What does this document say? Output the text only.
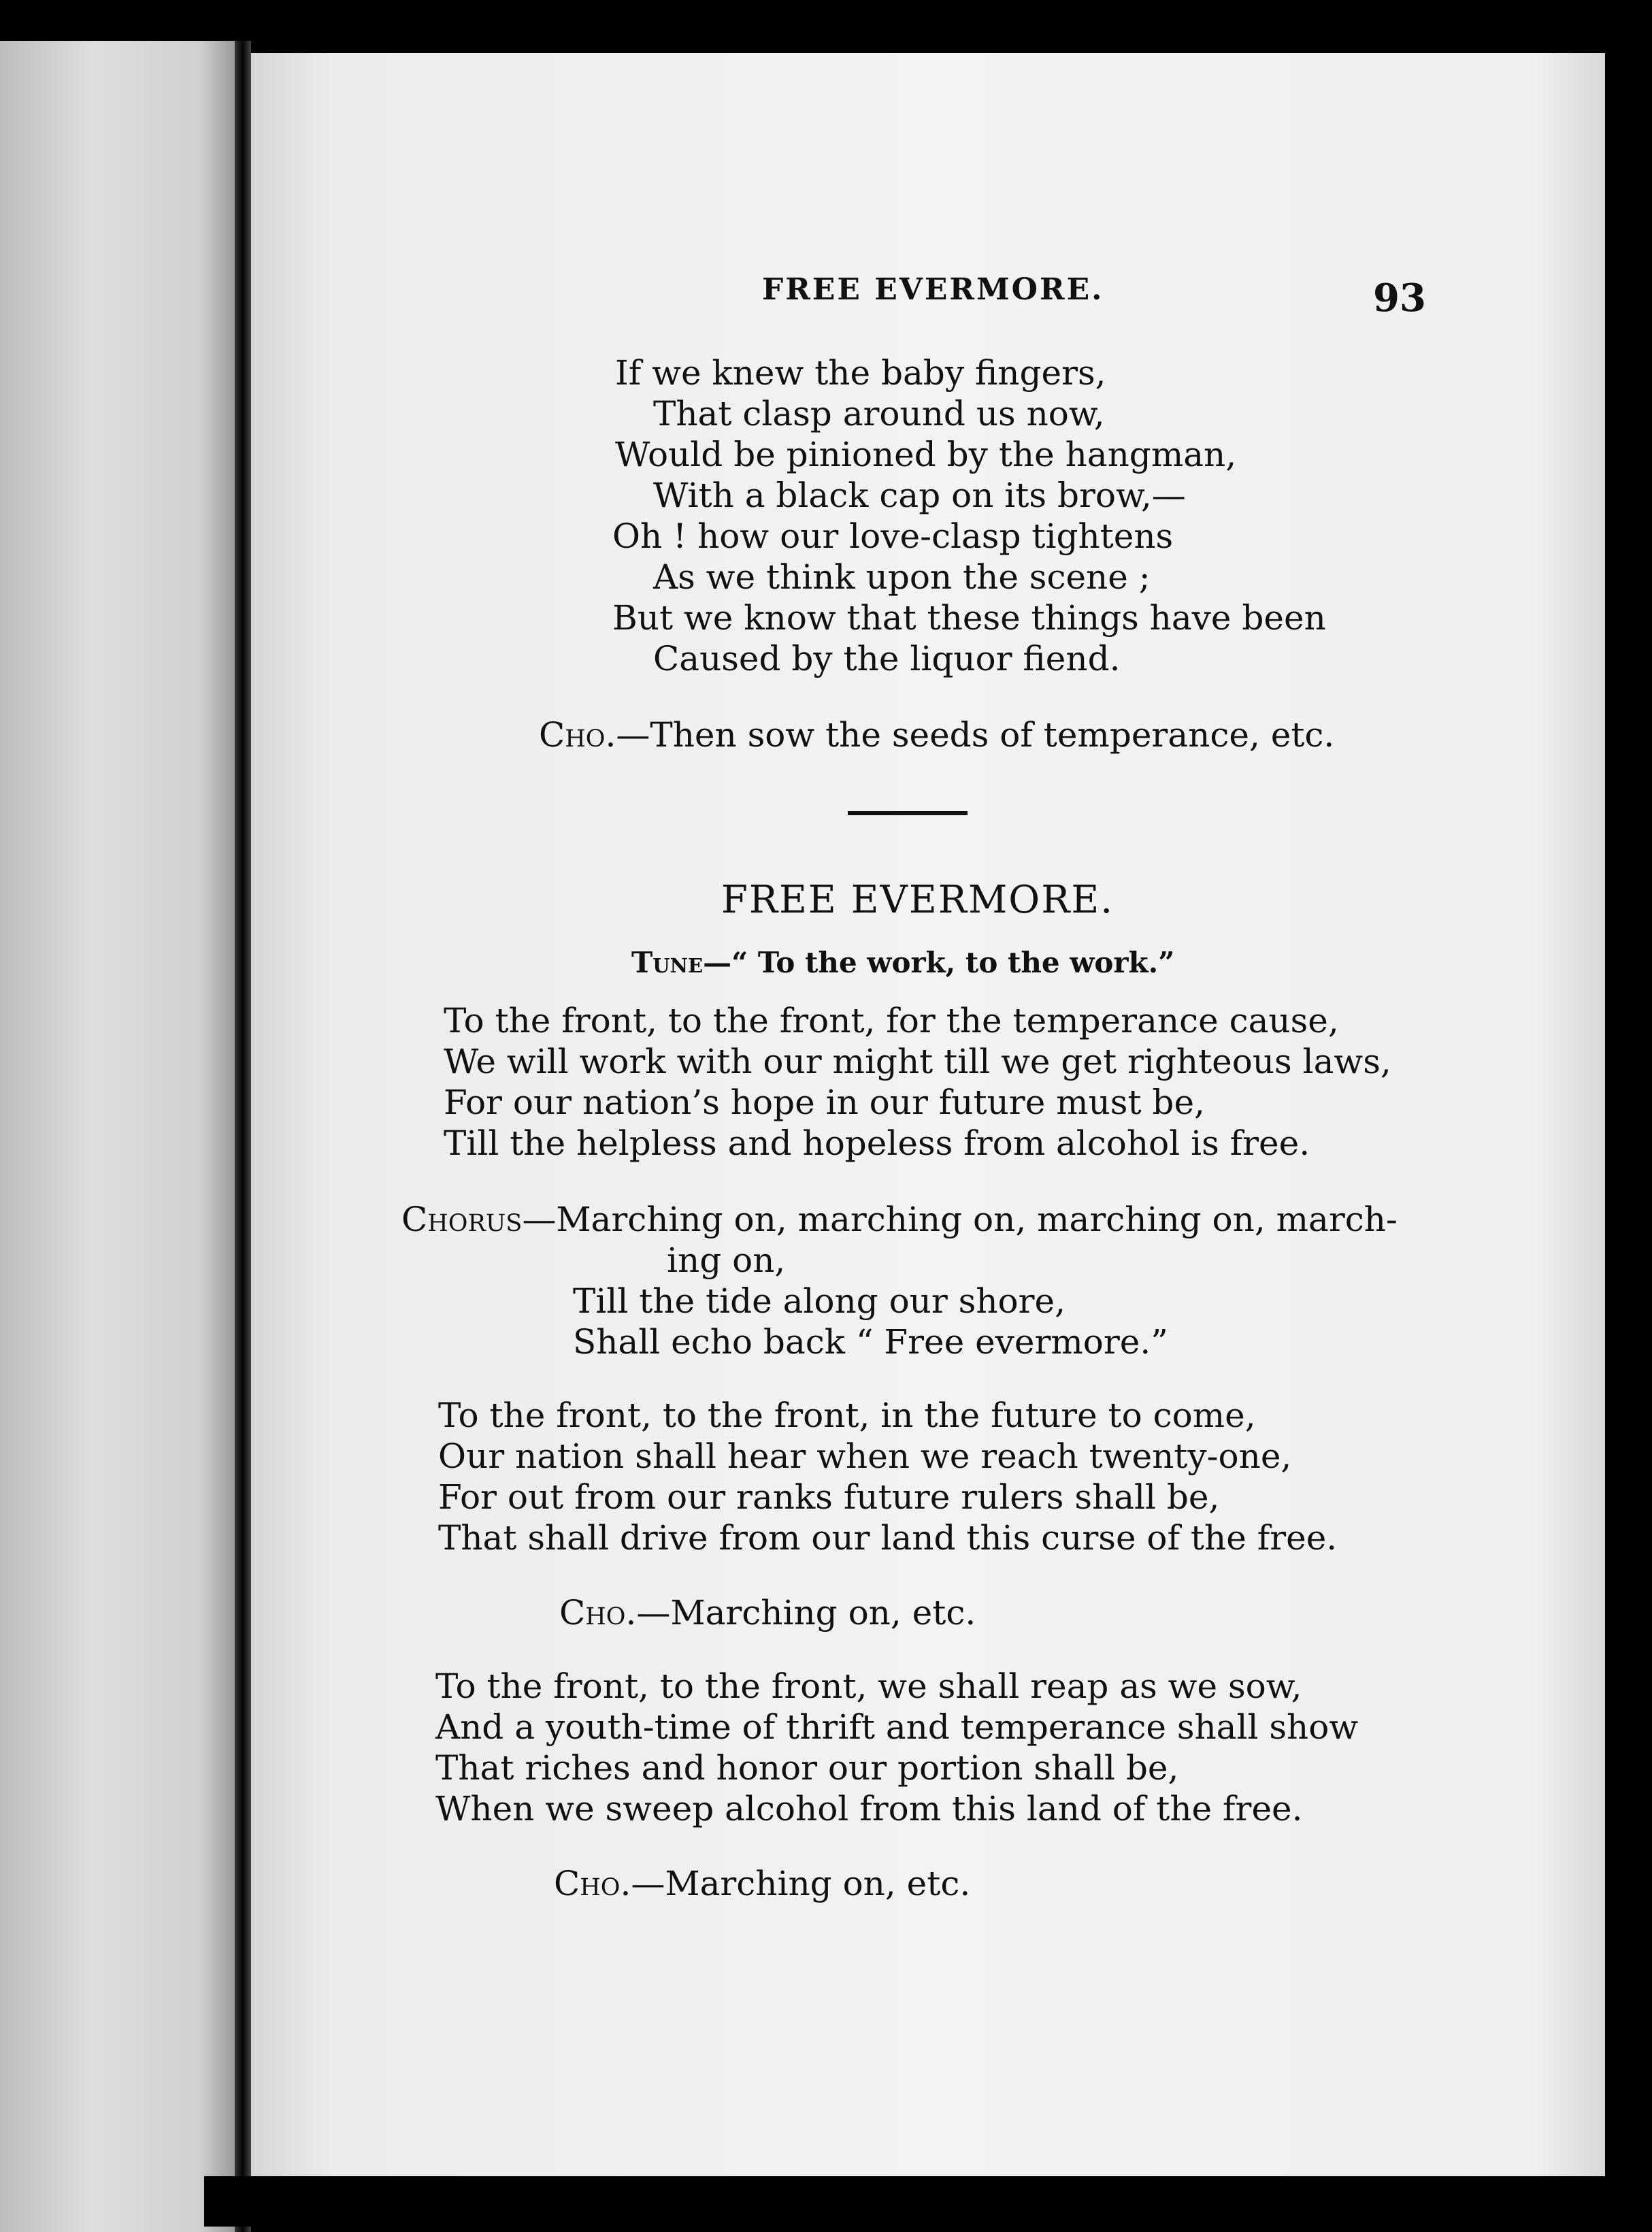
FREE EVERMORE.	93
If we knew the baby fingers,
That clasp around us now,
Would be pinioned by the hangman,
With a black cap on its brow,—
Oh ! how our love-clasp tightens
As we think upon the scene ;
But we know that these things have been
Caused by the liquor fiend.
Cho.—Then sow the seeds of temperance, etc.
FREE EVERMORE.
Tune—“ To the work, to the work.”
To the front, to the front, for the temperance cause,
We will work with our might till we get righteous laws,
For our nation’s hope in our future must be,
Till the helpless and hopeless from alcohol is free.
Chorus—Marching on, marching on, marching on, march-
ing on,
Till the tide along our shore,
Shall echo back “ Free evermore.”
To the front, to the front, in the future to come,
Our nation shall hear when we reach twenty-one,
For out from our ranks future rulers shall be,
That shall drive from our land this curse of the free.
Cho.—Marching on, etc.
To the front, to the front, we shall reap as we sow,
And a youth-time of thrift and temperance shall show
That riches and honor our portion shall be,
When we sweep alcohol from this land of the free.
Cho.—Marching on, etc.
